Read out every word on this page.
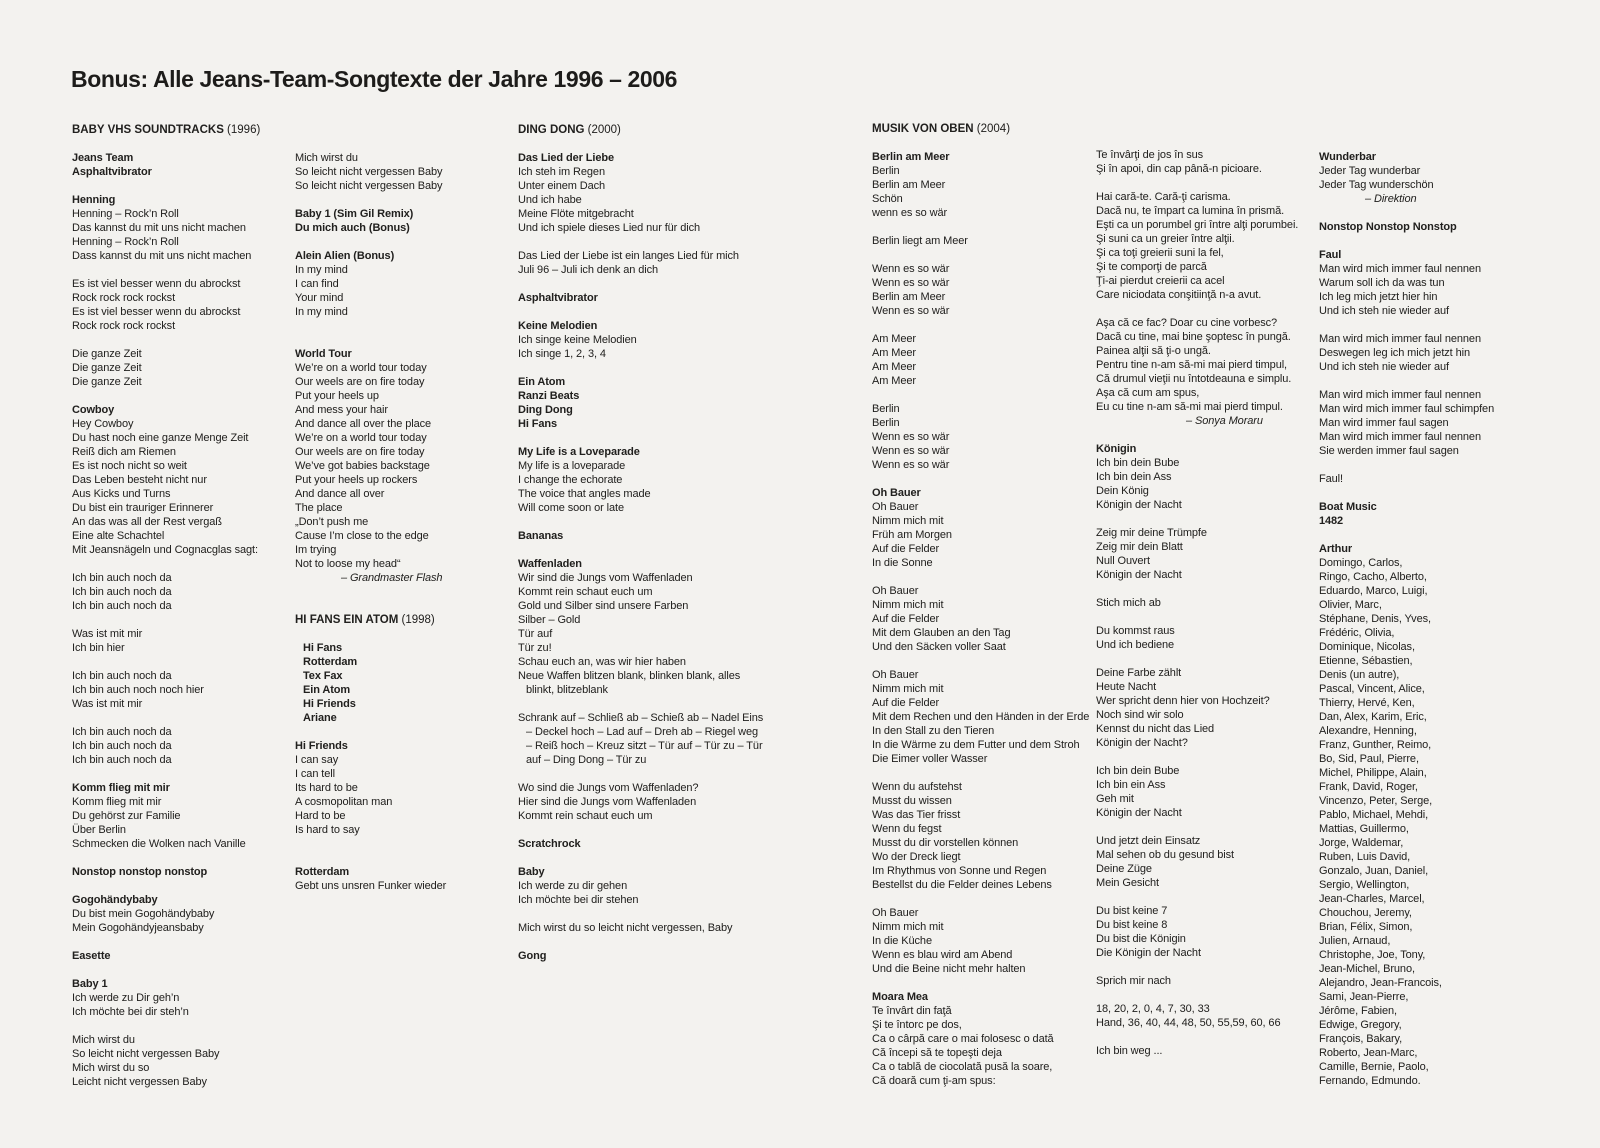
Bonus: Alle Jeans-Team-Songtexte der Jahre 1996 – 2006
BABY VHS SOUNDTRACKS (1996)

Jeans Team
Asphaltvibrator

Henning
Henning – Rock’n Roll
Das kannst du mit uns nicht machen
Henning – Rock’n Roll
Dass kannst du mit uns nicht machen

Es ist viel besser wenn du abrockst
Rock rock rock rockst
Es ist viel besser wenn du abrockst
Rock rock rock rockst

Die ganze Zeit
Die ganze Zeit
Die ganze Zeit

Cowboy
Hey Cowboy
Du hast noch eine ganze Menge Zeit
Reiß dich am Riemen
Es ist noch nicht so weit
Das Leben besteht nicht nur
Aus Kicks und Turns
Du bist ein trauriger Erinnerer
An das was all der Rest vergaß
Eine alte Schachtel
Mit Jeansnägeln und Cognacglas sagt:

Ich bin auch noch da
Ich bin auch noch da
Ich bin auch noch da

Was ist mit mir
Ich bin hier

Ich bin auch noch da
Ich bin auch noch noch hier
Was ist mit mir

Ich bin auch noch da
Ich bin auch noch da
Ich bin auch noch da

Komm flieg mit mir
Komm flieg mit mir
Du gehörst zur Familie
Über Berlin
Schmecken die Wolken nach Vanille

Nonstop nonstop nonstop

Gogohändybaby
Du bist mein Gogohändybaby
Mein Gogohändyjeansbaby

Easette

Baby 1
Ich werde zu Dir geh’n
Ich möchte bei dir steh’n

Mich wirst du
So leicht nicht vergessen Baby
Mich wirst du so
Leicht nicht vergessen Baby
Mich wirst du
So leicht nicht vergessen Baby
So leicht nicht vergessen Baby

Baby 1 (Sim Gil Remix)
Du mich auch (Bonus)

Alein Alien (Bonus)
In my mind
I can find
Your mind
In my mind

World Tour
We’re on a world tour today
Our weels are on fire today
Put your heels up
And mess your hair
And dance all over the place
We’re on a world tour today
Our weels are on fire today
We’ve got babies backstage
Put your heels up rockers
And dance all over
The place
„Don’t push me
Cause I’m close to the edge
Im trying
Not to loose my head“
– Grandmaster Flash

HI FANS EIN ATOM (1998)

Hi Fans
Rotterdam
Tex Fax
Ein Atom
Hi Friends
Ariane

Hi Friends
I can say
I can tell
Its hard to be
A cosmopolitan man
Hard to be
Is hard to say

Rotterdam
Gebt uns unsren Funker wieder
DING DONG (2000)

Das Lied der Liebe
Ich steh im Regen
Unter einem Dach
Und ich habe
Meine Flöte mitgebracht
Und ich spiele dieses Lied nur für dich

Das Lied der Liebe ist ein langes Lied für mich
Juli 96 – Juli ich denk an dich

Asphaltvibrator

Keine Melodien
Ich singe keine Melodien
Ich singe 1, 2, 3, 4

Ein Atom
Ranzi Beats
Ding Dong
Hi Fans

My Life is a Loveparade
My life is a loveparade
I change the echorate
The voice that angles made
Will come soon or late

Bananas

Waffenladen
Wir sind die Jungs vom Waffenladen
Kommt rein schaut euch um
Gold und Silber sind unsere Farben
Silber – Gold
Tür auf
Tür zu!
Schau euch an, was wir hier haben
Neue Waffen blitzen blank, blinken blank, alles
blinkt, blitzeblank

Schrank auf – Schließ ab – Schieß ab – Nadel Eins
– Deckel hoch – Lad auf – Dreh ab – Riegel weg
– Reiß hoch – Kreuz sitzt – Tür auf – Tür zu – Tür
auf – Ding Dong – Tür zu

Wo sind die Jungs vom Waffenladen?
Hier sind die Jungs vom Waffenladen
Kommt rein schaut euch um

Scratchrock

Baby
Ich werde zu dir gehen
Ich möchte bei dir stehen

Mich wirst du so leicht nicht vergessen, Baby

Gong
MUSIK VON OBEN (2004)

Berlin am Meer
Berlin
Berlin am Meer
Schön
wenn es so wär

Berlin liegt am Meer

Wenn es so wär
Wenn es so wär
Berlin am Meer
Wenn es so wär

Am Meer
Am Meer
Am Meer
Am Meer

Berlin
Berlin
Wenn es so wär
Wenn es so wär
Wenn es so wär

Oh Bauer
Oh Bauer
Nimm mich mit
Früh am Morgen
Auf die Felder
In die Sonne

Oh Bauer
Nimm mich mit
Auf die Felder
Mit dem Glauben an den Tag
Und den Säcken voller Saat

Oh Bauer
Nimm mich mit
Auf die Felder
Mit dem Rechen und den Händen in der Erde
In den Stall zu den Tieren
In die Wärme zu dem Futter und dem Stroh
Die Eimer voller Wasser

Wenn du aufstehst
Musst du wissen
Was das Tier frisst
Wenn du fegst
Musst du dir vorstellen können
Wo der Dreck liegt
Im Rhythmus von Sonne und Regen
Bestellst du die Felder deines Lebens

Oh Bauer
Nimm mich mit
In die Küche
Wenn es blau wird am Abend
Und die Beine nicht mehr halten

Moara Mea
Te învârt din faţă
Şi te întorc pe dos,
Ca o cârpă care o mai folosesc o dată
Că începi să te topeşti deja
Ca o tablă de ciocolată pusă la soare,
Că doară cum ţi-am spus:
Te învârţi de jos în sus
Şi în apoi, din cap până-n picioare.

Hai cară-te. Cară-ţi carisma.
Dacă nu, te împart ca lumina în prismă.
Eşti ca un porumbel gri între alţi porumbei.
Şi suni ca un greier între alţii.
Şi ca toţi greierii suni la fel,
Şi te comporţi de parcă
Ţi-ai pierdut creierii ca acel
Care niciodata conşitiinţă n-a avut.

Aşa că ce fac? Doar cu cine vorbesc?
Dacă cu tine, mai bine şoptesc în pungă.
Painea alţii să ţi-o ungă.
Pentru tine n-am să-mi mai pierd timpul,
Că drumul vieţii nu întotdeauna e simplu.
Aşa că cum am spus,
Eu cu tine n-am să-mi mai pierd timpul.
– Sonya Moraru

Königin
Ich bin dein Bube
Ich bin dein Ass
Dein König
Königin der Nacht

Zeig mir deine Trümpfe
Zeig mir dein Blatt
Null Ouvert
Königin der Nacht

Stich mich ab

Du kommst raus
Und ich bediene

Deine Farbe zählt
Heute Nacht
Wer spricht denn hier von Hochzeit?
Noch sind wir solo
Kennst du nicht das Lied
Königin der Nacht?

Ich bin dein Bube
Ich bin ein Ass
Geh mit
Königin der Nacht

Und jetzt dein Einsatz
Mal sehen ob du gesund bist
Deine Züge
Mein Gesicht

Du bist keine 7
Du bist keine 8
Du bist die Königin
Die Königin der Nacht

Sprich mir nach

18, 20, 2, 0, 4, 7, 30, 33
Hand, 36, 40, 44, 48, 50, 55,59, 60, 66

Ich bin weg ...
Wunderbar
Jeder Tag wunderbar
Jeder Tag wunderschön
– Direktion

Nonstop Nonstop Nonstop

Faul
Man wird mich immer faul nennen
Warum soll ich da was tun
Ich leg mich jetzt hier hin
Und ich steh nie wieder auf

Man wird mich immer faul nennen
Deswegen leg ich mich jetzt hin
Und ich steh nie wieder auf

Man wird mich immer faul nennen
Man wird mich immer faul schimpfen
Man wird immer faul sagen
Man wird mich immer faul nennen
Sie werden immer faul sagen

Faul!

Boat Music
1482

Arthur
Domingo, Carlos,
Ringo, Cacho, Alberto,
Eduardo, Marco, Luigi,
Olivier, Marc,
Stéphane, Denis, Yves,
Frédéric, Olivia,
Dominique, Nicolas,
Etienne, Sébastien,
Denis (un autre),
Pascal, Vincent, Alice,
Thierry, Hervé, Ken,
Dan, Alex, Karim, Eric,
Alexandre, Henning,
Franz, Gunther, Reimo,
Bo, Sid, Paul, Pierre,
Michel, Philippe, Alain,
Frank, David, Roger,
Vincenzo, Peter, Serge,
Pablo, Michael, Mehdi,
Mattias, Guillermo,
Jorge, Waldemar,
Ruben, Luis David,
Gonzalo, Juan, Daniel,
Sergio, Wellington,
Jean-Charles, Marcel,
Chouchou, Jeremy,
Brian, Félix, Simon,
Julien, Arnaud,
Christophe, Joe, Tony,
Jean-Michel, Bruno,
Alejandro, Jean-Francois,
Sami, Jean-Pierre,
Jérôme, Fabien,
Edwige, Gregory,
François, Bakary,
Roberto, Jean-Marc,
Camille, Bernie, Paolo,
Fernando, Edmundo.
